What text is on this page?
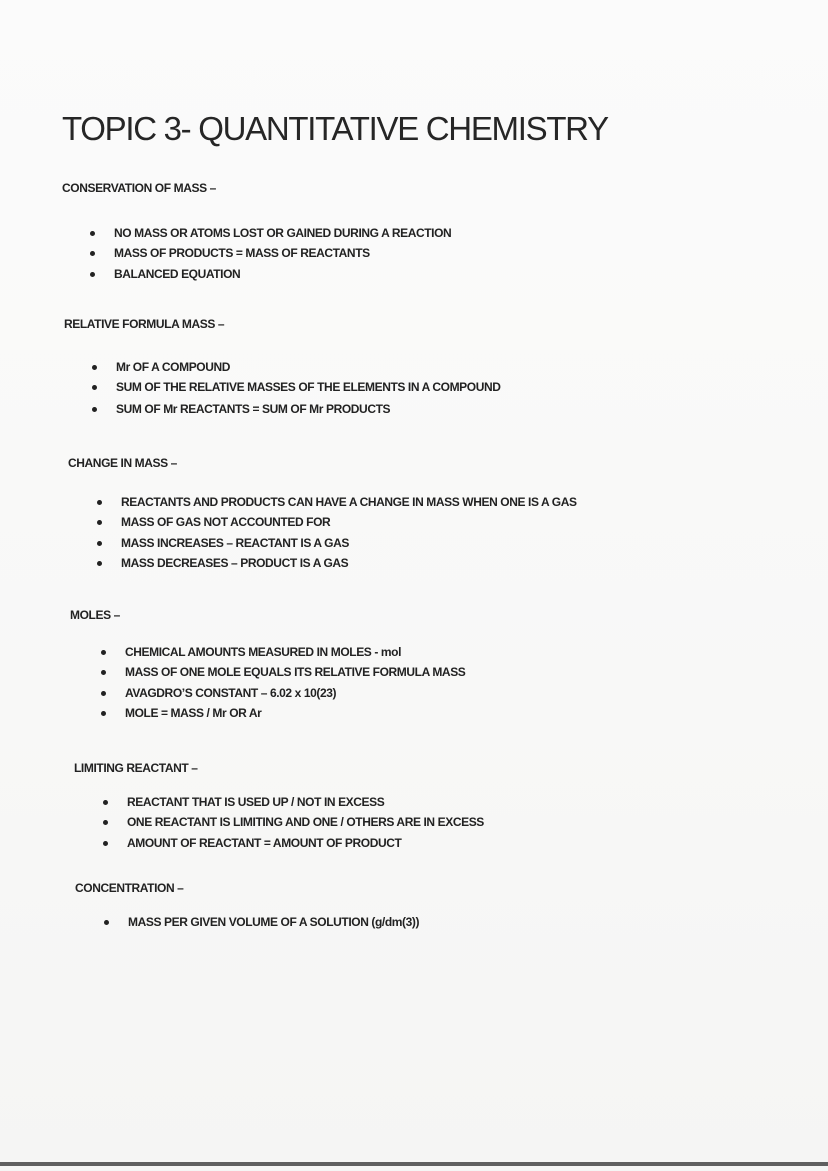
TOPIC 3- QUANTITATIVE CHEMISTRY
CONSERVATION OF MASS –
NO MASS OR ATOMS LOST OR GAINED DURING A REACTION
MASS OF PRODUCTS = MASS OF REACTANTS
BALANCED EQUATION
RELATIVE FORMULA MASS –
Mr OF A COMPOUND
SUM OF THE RELATIVE MASSES OF THE ELEMENTS IN A COMPOUND
SUM OF Mr REACTANTS = SUM OF Mr PRODUCTS
CHANGE IN MASS –
REACTANTS AND PRODUCTS CAN HAVE A CHANGE IN MASS WHEN ONE IS A GAS
MASS OF GAS NOT ACCOUNTED FOR
MASS INCREASES – REACTANT IS A GAS
MASS DECREASES – PRODUCT IS A GAS
MOLES –
CHEMICAL AMOUNTS MEASURED IN MOLES - mol
MASS OF ONE MOLE EQUALS ITS RELATIVE FORMULA MASS
AVAGDRO’S CONSTANT – 6.02 x 10(23)
MOLE = MASS / Mr OR Ar
LIMITING REACTANT –
REACTANT THAT IS USED UP / NOT IN EXCESS
ONE REACTANT IS LIMITING AND ONE / OTHERS ARE IN EXCESS
AMOUNT OF REACTANT = AMOUNT OF PRODUCT
CONCENTRATION –
MASS PER GIVEN VOLUME OF A SOLUTION (g/dm(3))
